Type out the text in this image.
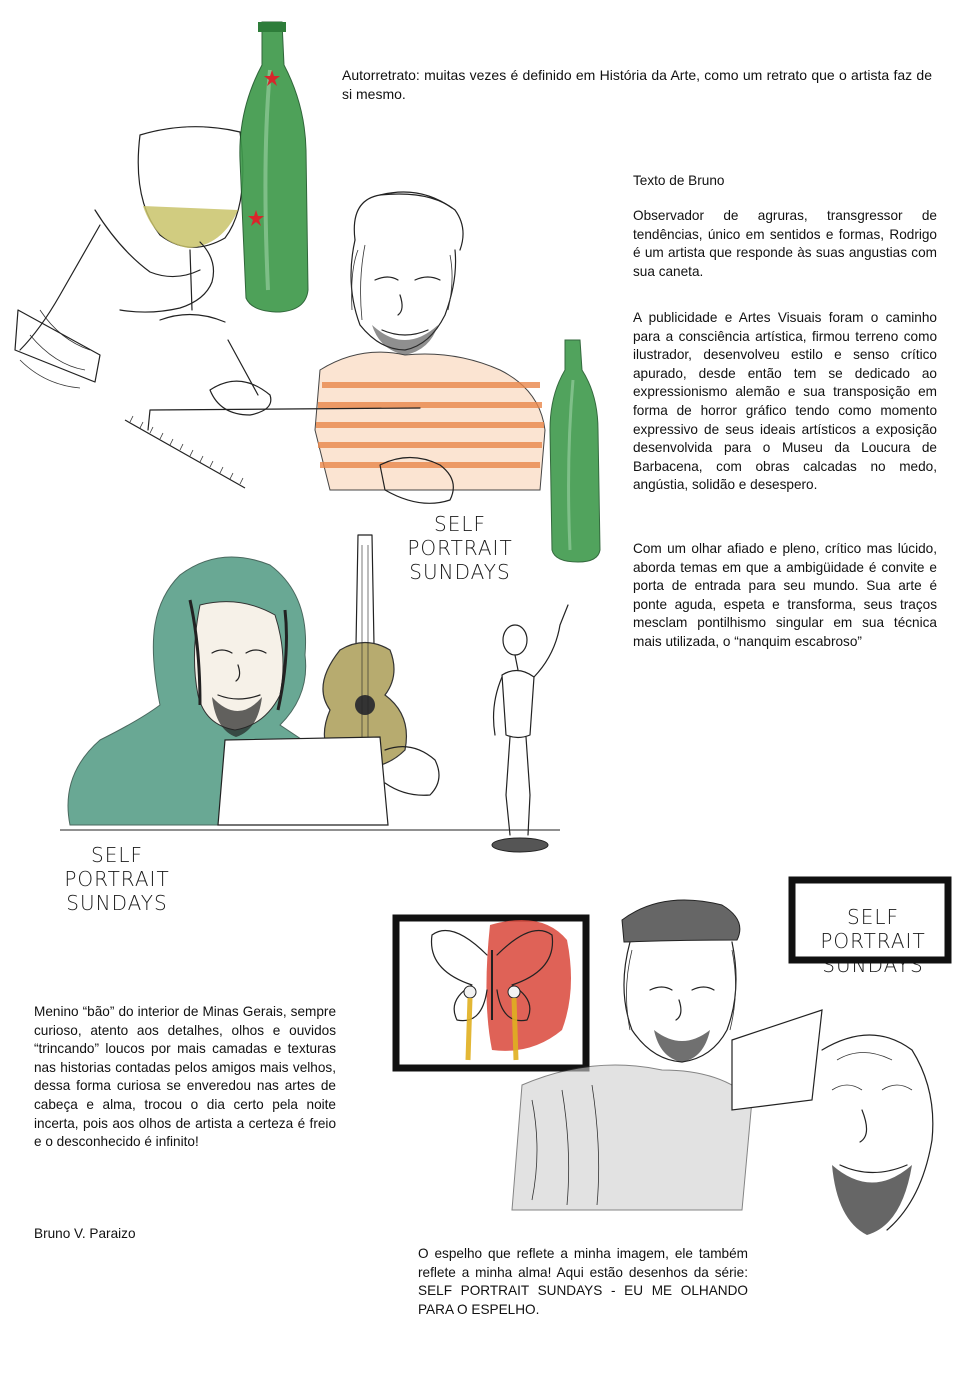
Autorretrato: muitas vezes é definido em História da Arte, como um retrato que o artista faz de si mesmo.
Texto de Bruno
Observador de agruras, transgressor de tendências, único em sentidos e formas, Rodrigo é um artista que responde às suas angustias com sua caneta.
A publicidade e Artes Visuais foram o caminho para a consciência artística, firmou terreno como ilustrador, desenvolveu estilo e senso crítico apurado, desde então tem se dedicado ao expressionismo alemão e sua transposição em forma de horror gráfico tendo como momento expressivo de seus ideais artísticos a exposição desenvolvida para o Museu da Loucura de Barbacena, com obras calcadas no medo, angústia, solidão e desespero.
Com um olhar afiado e pleno, crítico mas lúcido, aborda temas em que a ambigüidade é convite e porta de entrada para seu mundo. Sua arte é ponte aguda, espeta e transforma, seus traços mesclam pontilhismo singular em sua técnica mais utilizada, o “nanquim escabroso”
Menino “bão” do interior de Minas Gerais, sempre curioso, atento aos detalhes, olhos e ouvidos “trincando” loucos por mais camadas e texturas nas historias contadas pelos amigos mais velhos, dessa forma curiosa se enveredou nas artes de cabeça e alma, trocou o dia certo pela noite incerta, pois aos olhos de artista a certeza é freio e o desconhecido é infinito!
Bruno V. Paraizo
O espelho que reflete a minha imagem, ele também reflete a minha alma! Aqui estão desenhos da série: SELF PORTRAIT SUNDAYS - EU ME OLHANDO PARA O ESPELHO.
SELF PORTRAIT
SUNDAYS
SELF PORTRAIT
SUNDAYS
SELF PORTRAIT
SUNDAYS
